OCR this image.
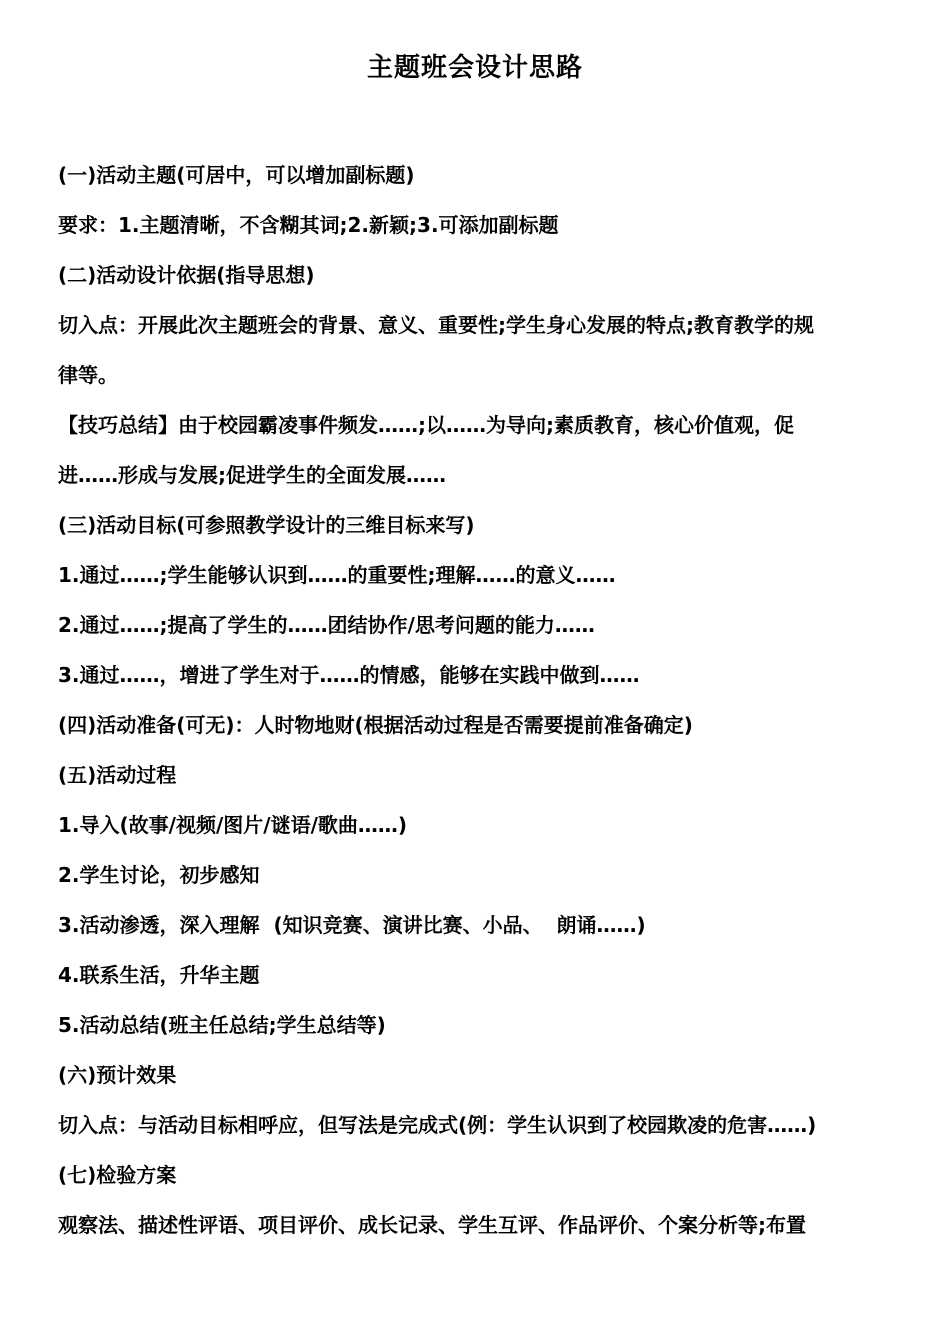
主题班会设计思路
(一)活动主题(可居中，可以增加副标题)
要求：1.主题清晰，不含糊其词;2.新颖;3.可添加副标题
(二)活动设计依据(指导思想)
切入点：开展此次主题班会的背景、意义、重要性;学生身心发展的特点;教育教学的规
律等。
【技巧总结】由于校园霸凌事件频发……;以……为导向;素质教育，核心价值观，促
进……形成与发展;促进学生的全面发展……
(三)活动目标(可参照教学设计的三维目标来写)
1.通过……;学生能够认识到……的重要性;理解……的意义……
2.通过……;提高了学生的……团结协作/思考问题的能力……
3.通过……，增进了学生对于……的情感，能够在实践中做到……
(四)活动准备(可无)：人时物地财(根据活动过程是否需要提前准备确定)
(五)活动过程
1.导入(故事/视频/图片/谜语/歌曲……)
2.学生讨论，初步感知
3.活动渗透，深入理解  (知识竞赛、演讲比赛、小品、  朗诵……)
4.联系生活，升华主题
5.活动总结(班主任总结;学生总结等)
(六)预计效果
切入点：与活动目标相呼应，但写法是完成式(例：学生认识到了校园欺凌的危害……)
(七)检验方案
观察法、描述性评语、项目评价、成长记录、学生互评、作品评价、个案分析等;布置
